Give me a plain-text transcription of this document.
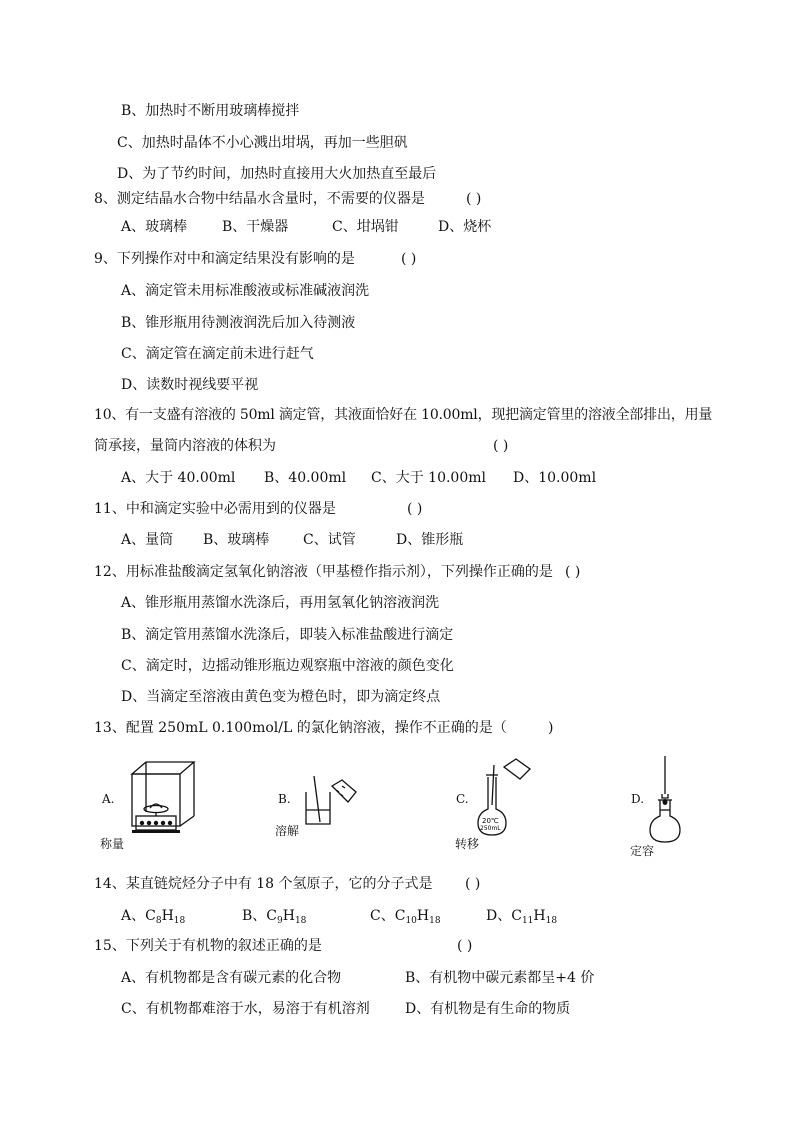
B、加热时不断用玻璃棒搅拌
C、加热时晶体不小心溅出坩埚，再加一些胆矾
D、为了节约时间，加热时直接用大火加热直至最后
8、测定结晶水合物中结晶水含量时，不需要的仪器是	( )
A、玻璃棒 B、干燥器	C、坩埚钳	D、烧杯
9、下列操作对中和滴定结果没有影响的是	( )
A、滴定管未用标准酸液或标准碱液润洗
B、锥形瓶用待测液润洗后加入待测液
C、滴定管在滴定前未进行赶气
D、读数时视线要平视
10、有一支盛有溶液的 50ml 滴定管，其液面恰好在 10.00ml，现把滴定管里的溶液全部排出，用量
筒承接，量筒内溶液的体积为	( )
A、大于 40.00ml B、40.00ml C、大于 10.00ml D、10.00ml
11、中和滴定实验中必需用到的仪器是	( )
A、量筒 B、玻璃棒 C、试管	D、锥形瓶
12、用标准盐酸滴定氢氧化钠溶液（甲基橙作指示剂），下列操作正确的是 ( )
A、锥形瓶用蒸馏水洗涤后，再用氢氧化钠溶液润洗
B、滴定管用蒸馏水洗涤后，即装入标准盐酸进行滴定
C、滴定时，边摇动锥形瓶边观察瓶中溶液的颜色变化
D、当滴定至溶液由黄色变为橙色时，即为滴定终点
13、配置 250mL 0.100mol/L 的氯化钠溶液，操作不正确的是（	)
A.
称量
B.
溶解
C.
20℃
250mL
转移
D.
定容
14、某直链烷烃分子中有 18 个氢原子，它的分子式是 ( )
A、$C_8H_{18}$	B、$C_9H_{18}$	C、$C_{10}H_{18}$	D、$C_{11}H_{18}$
15、下列关于有机物的叙述正确的是	( )
A、有机物都是含有碳元素的化合物	B、有机物中碳元素都呈+4 价
C、有机物都难溶于水，易溶于有机溶剂	D、有机物是有生命的物质
